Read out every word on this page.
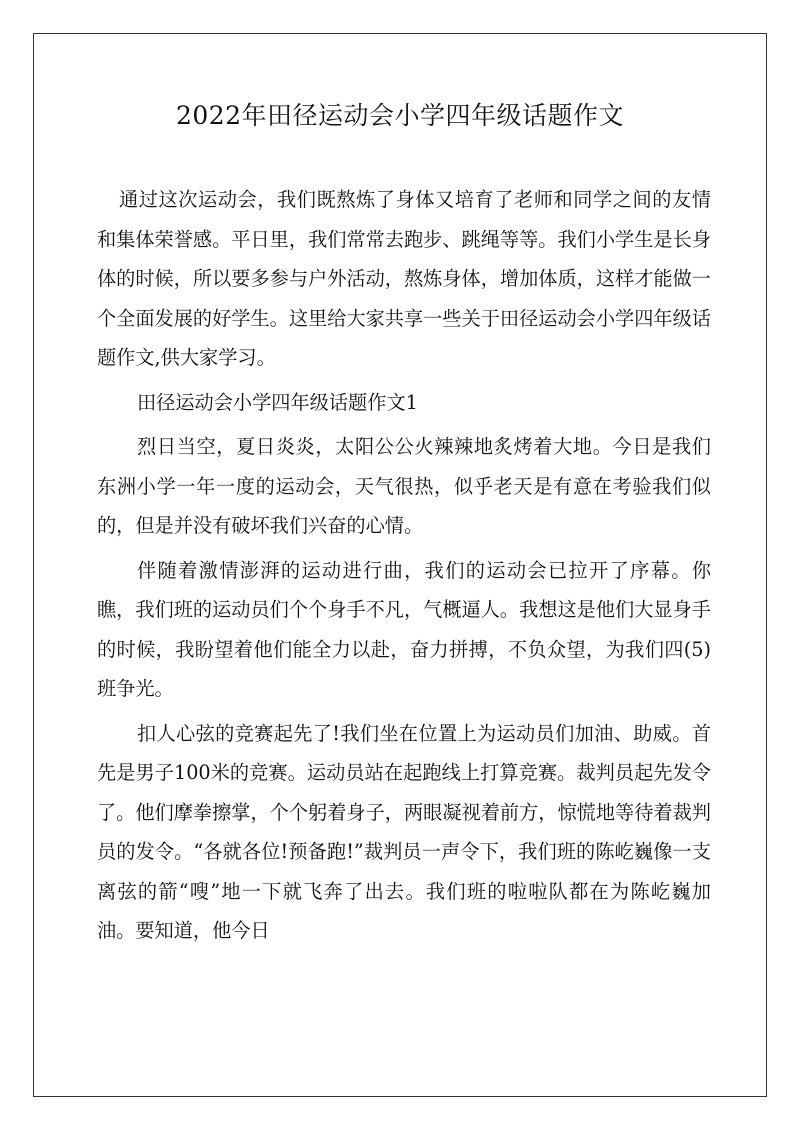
2022年田径运动会小学四年级话题作文

通过这次运动会，我们既熬炼了身体又培育了老师和同学之间的友情和集体荣誉感。平日里，我们常常去跑步、跳绳等等。我们小学生是长身体的时候，所以要多参与户外活动，熬炼身体，增加体质，这样才能做一个全面发展的好学生。这里给大家共享一些关于田径运动会小学四年级话题作文,供大家学习。

田径运动会小学四年级话题作文1

烈日当空，夏日炎炎，太阳公公火辣辣地炙烤着大地。今日是我们东洲小学一年一度的运动会，天气很热，似乎老天是有意在考验我们似的，但是并没有破坏我们兴奋的心情。

伴随着激情澎湃的运动进行曲，我们的运动会已拉开了序幕。你瞧，我们班的运动员们个个身手不凡，气概逼人。我想这是他们大显身手的时候，我盼望着他们能全力以赴，奋力拼搏，不负众望，为我们四(5)班争光。

扣人心弦的竞赛起先了!我们坐在位置上为运动员们加油、助威。首先是男子100米的竞赛。运动员站在起跑线上打算竞赛。裁判员起先发令了。他们摩拳擦掌，个个躬着身子，两眼凝视着前方，惊慌地等待着裁判员的发令。“各就各位!预备跑!”裁判员一声令下，我们班的陈屹巍像一支离弦的箭“嗖”地一下就飞奔了出去。我们班的啦啦队都在为陈屹巍加油。要知道，他今日
